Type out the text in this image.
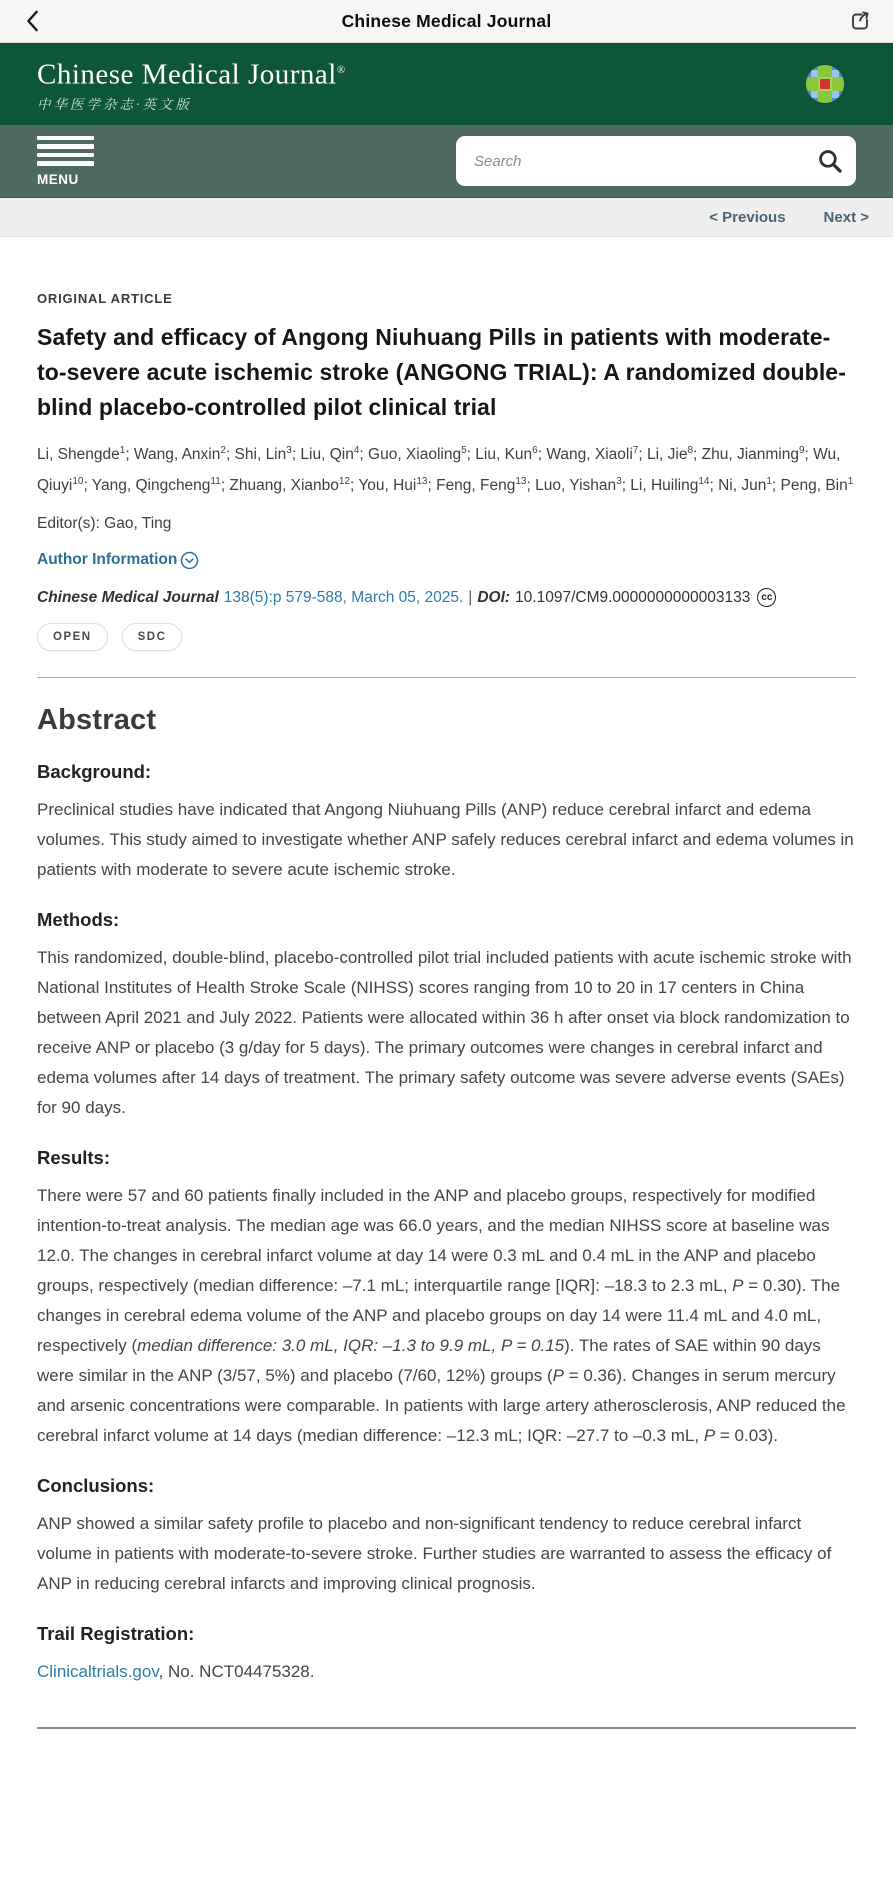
Chinese Medical Journal
Chinese Medical Journal®
中华医学杂志·英文版
MENU
Search
< Previous	Next >
ORIGINAL ARTICLE
Safety and efficacy of Angong Niuhuang Pills in patients with moderate-to-severe acute ischemic stroke (ANGONG TRIAL): A randomized double-blind placebo-controlled pilot clinical trial

Li, Shengde$^1$; Wang, Anxin$^2$; Shi, Lin$^3$; Liu, Qin$^4$; Guo, Xiaoling$^5$; Liu, Kun$^6$; Wang, Xiaoli$^7$; Li, Jie$^8$; Zhu, Jianming$^9$; Wu, Qiuyi$^{10}$; Yang, Qingcheng$^{11}$; Zhuang, Xianbo$^{12}$; You, Hui$^{13}$; Feng, Feng$^{13}$; Luo, Yishan$^3$; Li, Huiling$^{14}$; Ni, Jun$^1$; Peng, Bin$^1$

Editor(s): Gao, Ting

Author Information

Chinese Medical Journal 138(5):p 579-588, March 05, 2025. | DOI: 10.1097/CM9.0000000000003133	cc

OPEN	SDC
Abstract
Background:

Preclinical studies have indicated that Angong Niuhuang Pills (ANP) reduce cerebral infarct and edema volumes. This study aimed to investigate whether ANP safely reduces cerebral infarct and edema volumes in patients with moderate to severe acute ischemic stroke.

Methods:

This randomized, double-blind, placebo-controlled pilot trial included patients with acute ischemic stroke with National Institutes of Health Stroke Scale (NIHSS) scores ranging from 10 to 20 in 17 centers in China between April 2021 and July 2022. Patients were allocated within 36 h after onset via block randomization to receive ANP or placebo (3 g/day for 5 days). The primary outcomes were changes in cerebral infarct and edema volumes after 14 days of treatment. The primary safety outcome was severe adverse events (SAEs) for 90 days.

Results:

There were 57 and 60 patients finally included in the ANP and placebo groups, respectively for modified intention-to-treat analysis. The median age was 66.0 years, and the median NIHSS score at baseline was 12.0. The changes in cerebral infarct volume at day 14 were 0.3 mL and 0.4 mL in the ANP and placebo groups, respectively (median difference: –7.1 mL; interquartile range [IQR]: –18.3 to 2.3 mL, P = 0.30). The changes in cerebral edema volume of the ANP and placebo groups on day 14 were 11.4 mL and 4.0 mL, respectively (median difference: 3.0 mL, IQR: –1.3 to 9.9 mL, P = 0.15). The rates of SAE within 90 days were similar in the ANP (3/57, 5%) and placebo (7/60, 12%) groups (P = 0.36). Changes in serum mercury and arsenic concentrations were comparable. In patients with large artery atherosclerosis, ANP reduced the cerebral infarct volume at 14 days (median difference: –12.3 mL; IQR: –27.7 to –0.3 mL, P = 0.03).

Conclusions:

ANP showed a similar safety profile to placebo and non-significant tendency to reduce cerebral infarct volume in patients with moderate-to-severe stroke. Further studies are warranted to assess the efficacy of ANP in reducing cerebral infarcts and improving clinical prognosis.

Trail Registration:

Clinicaltrials.gov, No. NCT04475328.
